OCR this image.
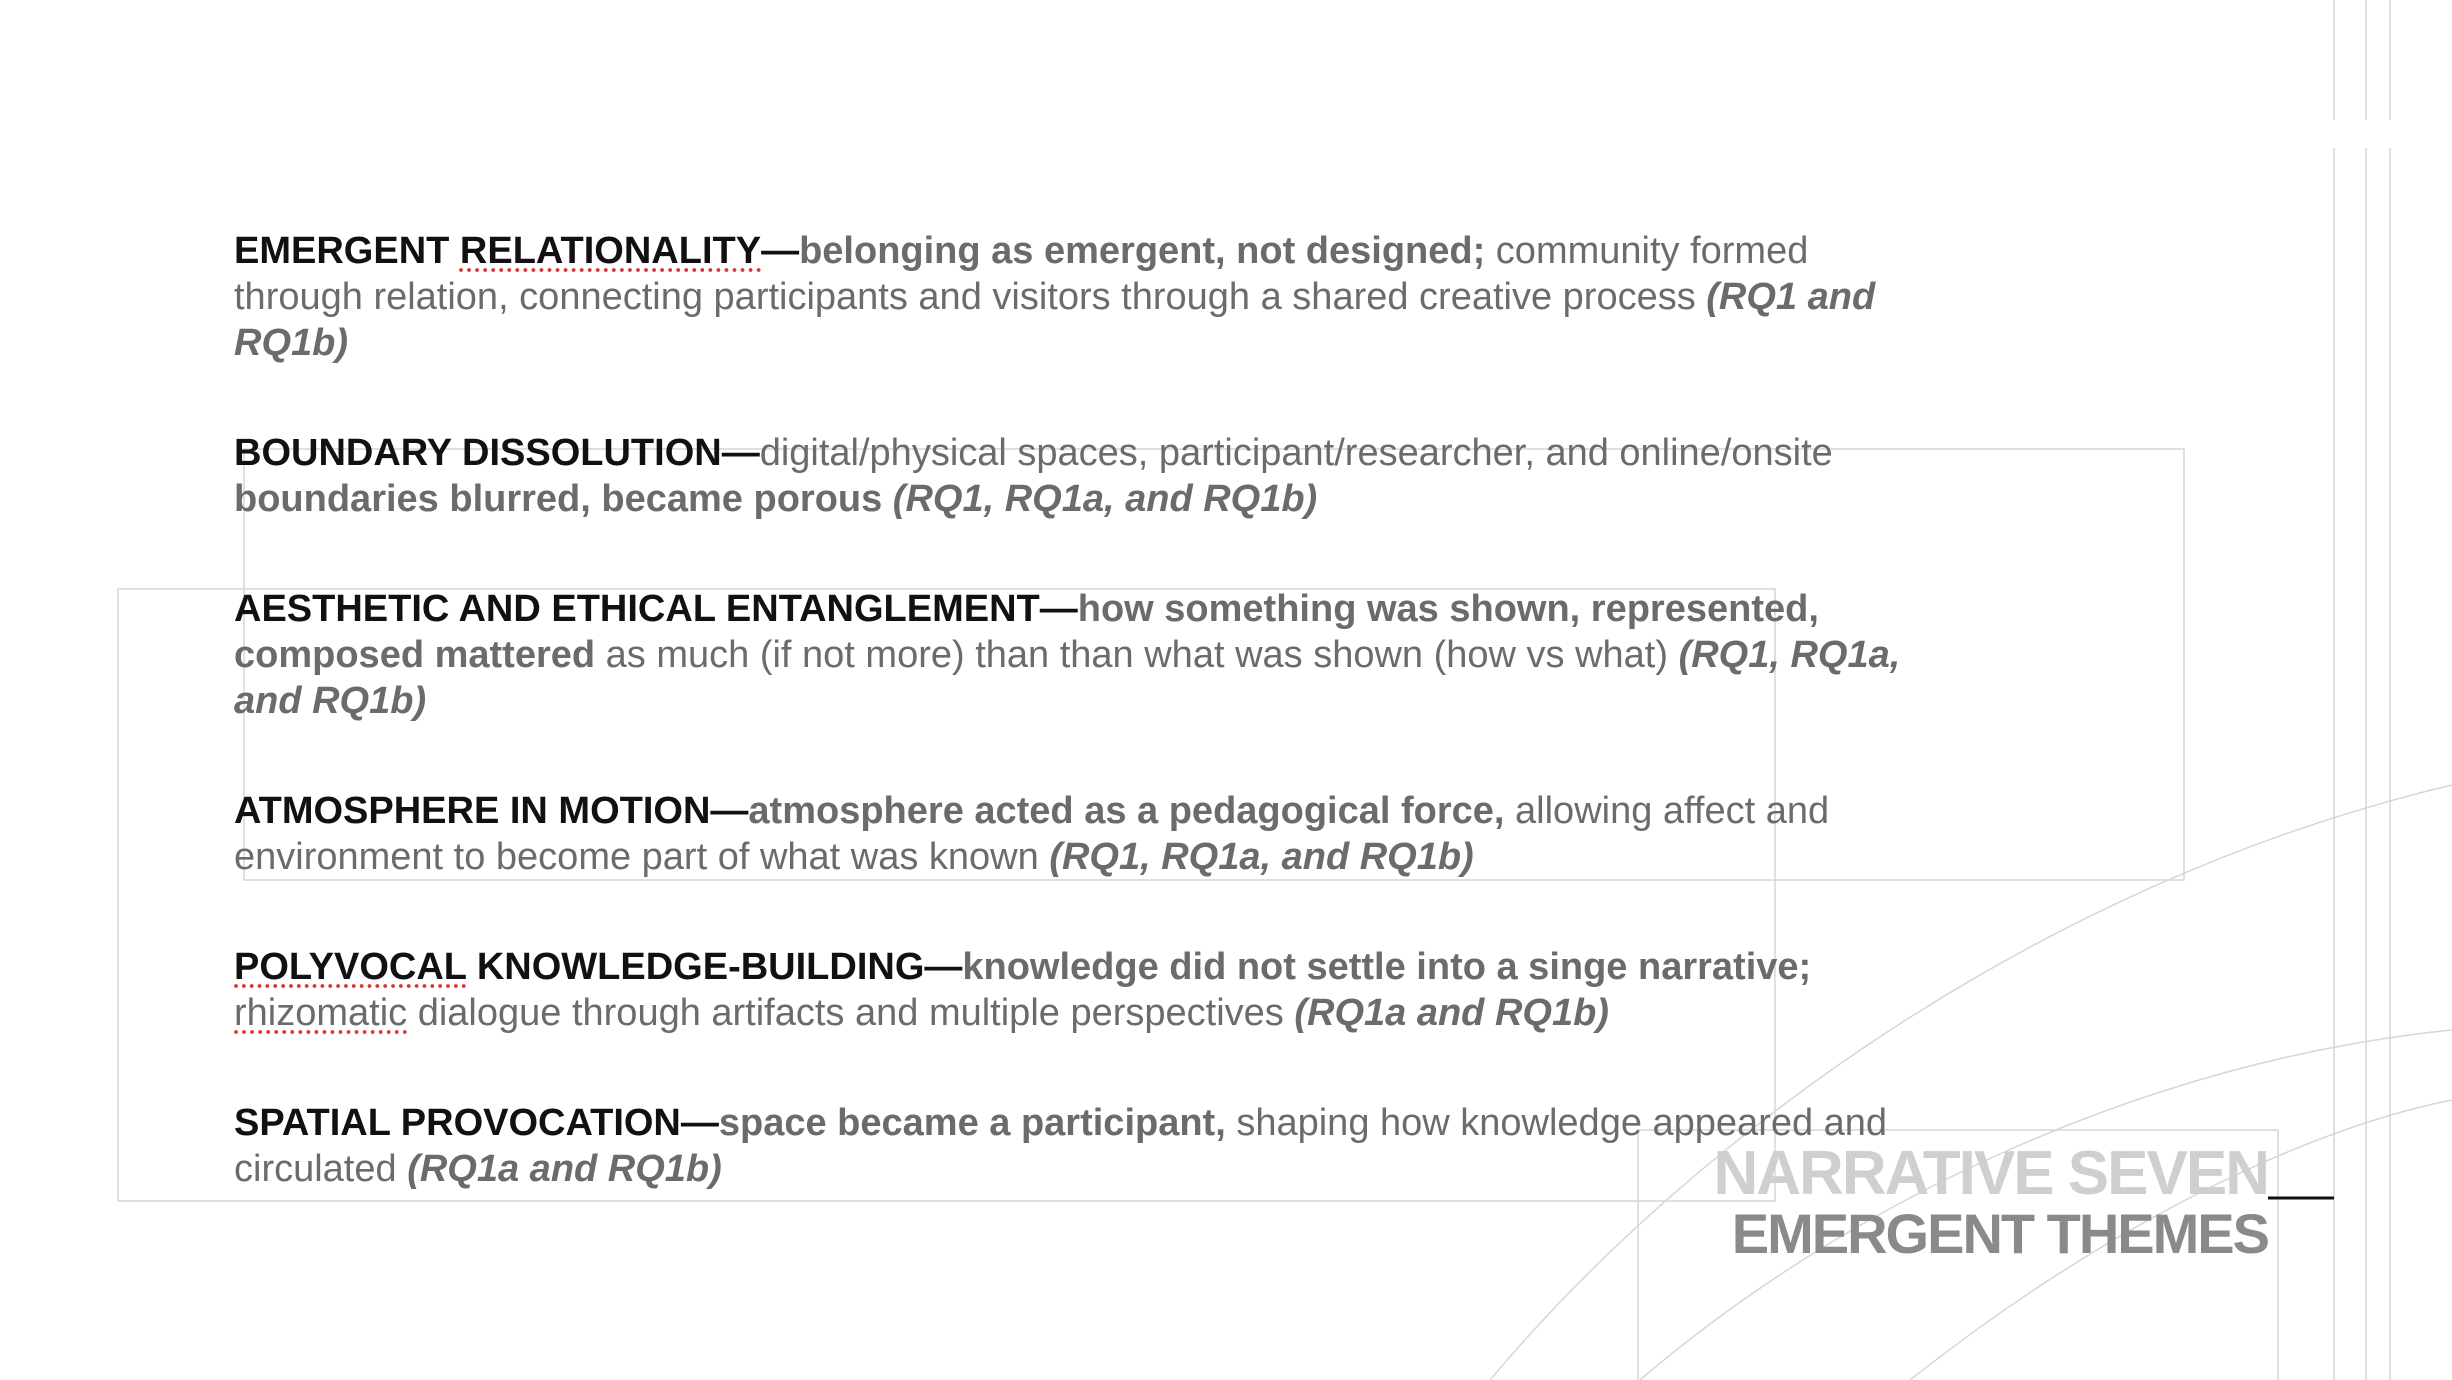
EMERGENT RELATIONALITY—belonging as emergent, not designed; community formed through relation, connecting participants and visitors through a shared creative process (RQ1 and RQ1b)

BOUNDARY DISSOLUTION—digital/physical spaces, participant/researcher, and online/onsite boundaries blurred, became porous (RQ1, RQ1a, and RQ1b)

AESTHETIC AND ETHICAL ENTANGLEMENT—how something was shown, represented, composed mattered as much (if not more) than than what was shown (how vs what) (RQ1, RQ1a, and RQ1b)

ATMOSPHERE IN MOTION—atmosphere acted as a pedagogical force, allowing affect and environment to become part of what was known (RQ1, RQ1a, and RQ1b)

POLYVOCAL KNOWLEDGE-BUILDING—knowledge did not settle into a singe narrative;
rhizomatic dialogue through artifacts and multiple perspectives (RQ1a and RQ1b)

SPATIAL PROVOCATION—space became a participant, shaping how knowledge appeared and circulated (RQ1a and RQ1b)	NARRATIVE SEVEN
EMERGENT THEMES
